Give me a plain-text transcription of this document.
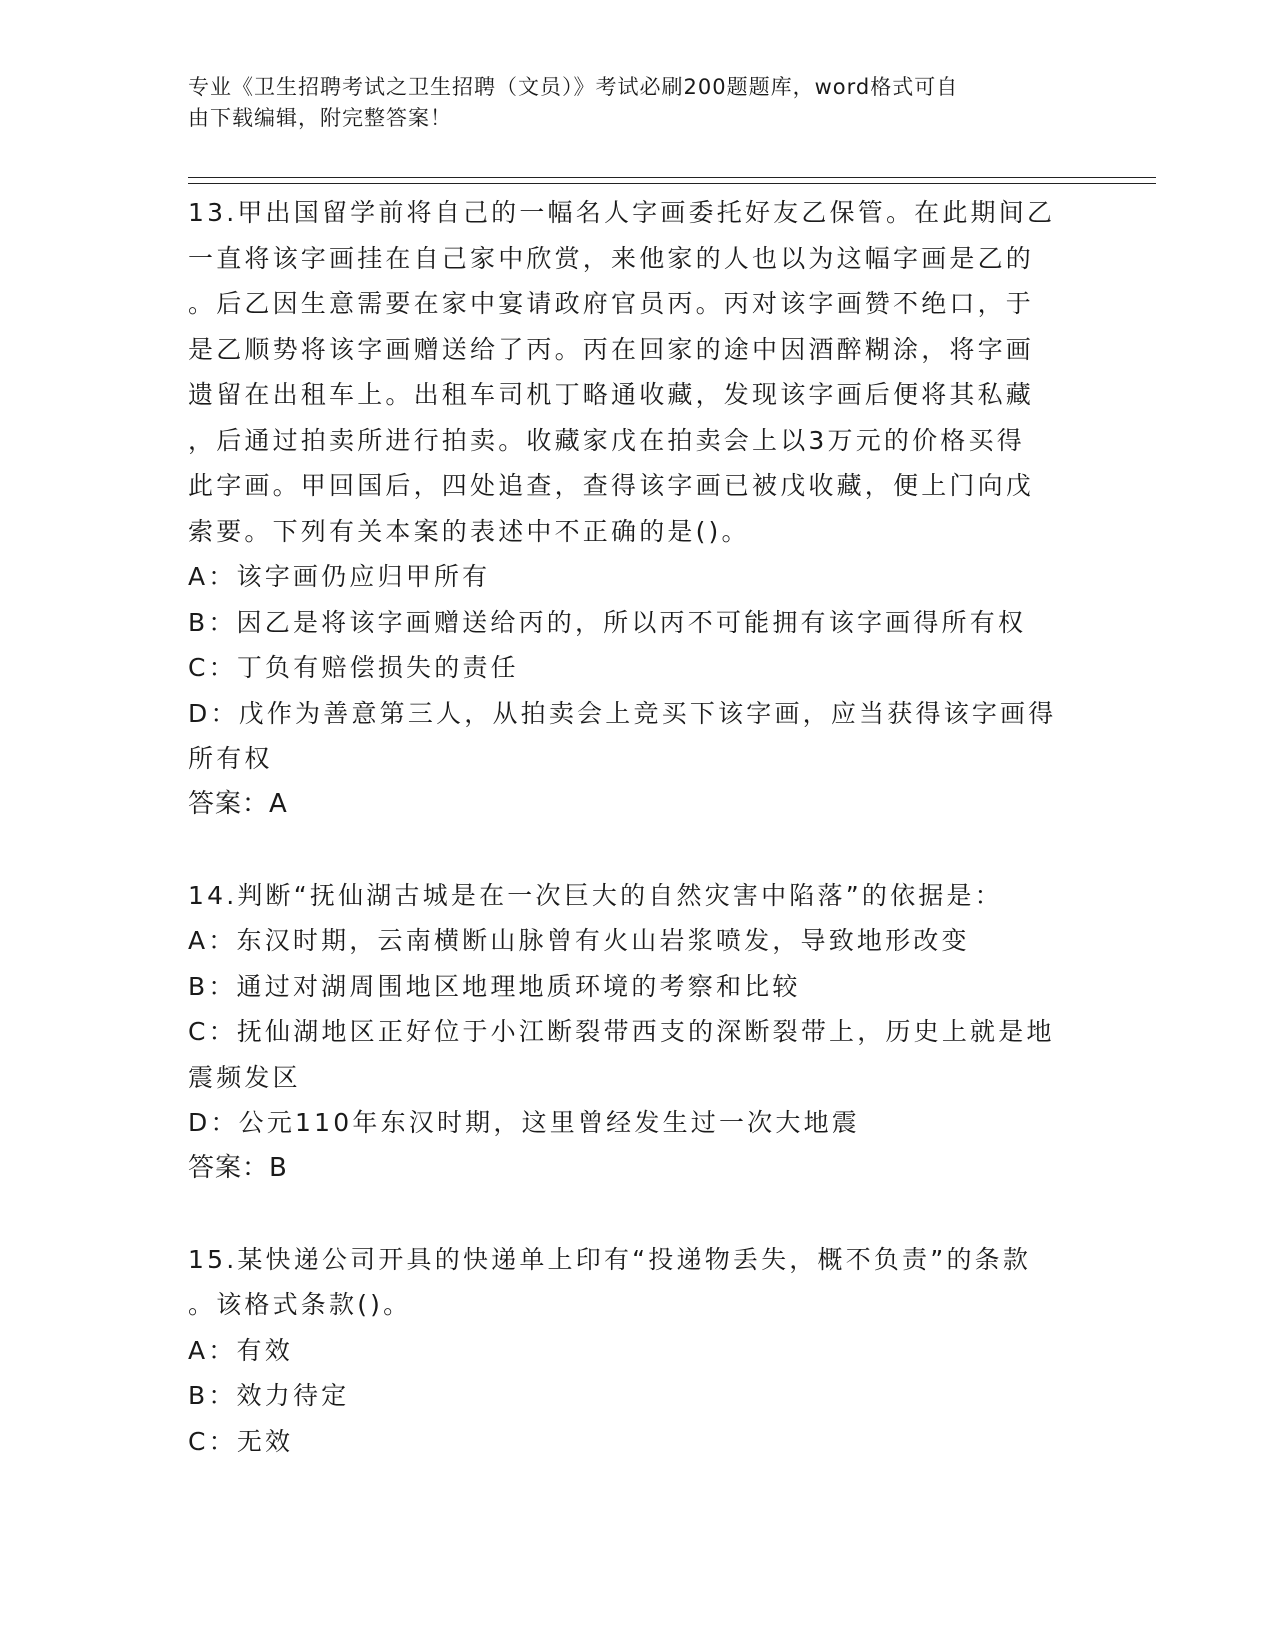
专业《卫生招聘考试之卫生招聘（文员）》考试必刷200题题库，word格式可自

由下载编辑，附完整答案！

13.甲出国留学前将自己的一幅名人字画委托好友乙保管。在此期间乙
一直将该字画挂在自己家中欣赏，来他家的人也以为这幅字画是乙的
。后乙因生意需要在家中宴请政府官员丙。丙对该字画赞不绝口，于
是乙顺势将该字画赠送给了丙。丙在回家的途中因酒醉糊涂，将字画
遗留在出租车上。出租车司机丁略通收藏，发现该字画后便将其私藏
，后通过拍卖所进行拍卖。收藏家戊在拍卖会上以3万元的价格买得
此字画。甲回国后，四处追查，查得该字画已被戊收藏，便上门向戊
索要。下列有关本案的表述中不正确的是()。
A：该字画仍应归甲所有
B：因乙是将该字画赠送给丙的，所以丙不可能拥有该字画得所有权
C：丁负有赔偿损失的责任
D：戊作为善意第三人，从拍卖会上竞买下该字画，应当获得该字画得
所有权
答案：A
14.判断“抚仙湖古城是在一次巨大的自然灾害中陷落”的依据是：
A：东汉时期，云南横断山脉曾有火山岩浆喷发，导致地形改变
B：通过对湖周围地区地理地质环境的考察和比较
C：抚仙湖地区正好位于小江断裂带西支的深断裂带上，历史上就是地
震频发区
D：公元110年东汉时期，这里曾经发生过一次大地震
答案：B
15.某快递公司开具的快递单上印有“投递物丢失，概不负责”的条款
。该格式条款()。
A：有效
B：效力待定
C：无效
